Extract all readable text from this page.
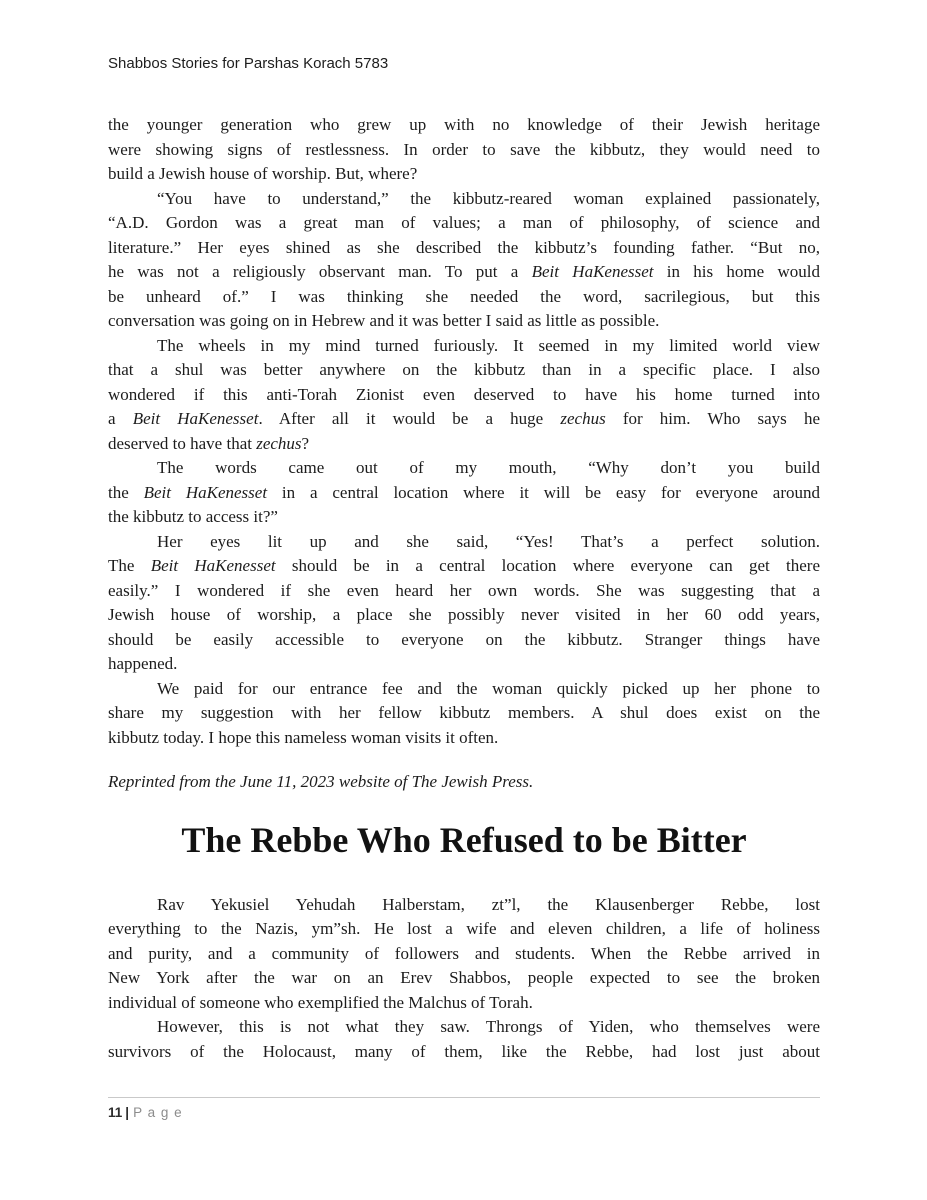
Shabbos Stories for Parshas Korach 5783
the younger generation who grew up with no knowledge of their Jewish heritage
were showing signs of restlessness. In order to save the kibbutz, they would need to
build a Jewish house of worship. But, where?
“You have to understand,” the kibbutz-reared woman explained passionately,
“A.D. Gordon was a great man of values; a man of philosophy, of science and
literature.” Her eyes shined as she described the kibbutz’s founding father. “But no,
he was not a religiously observant man. To put a Beit HaKenesset in his home would
be unheard of.” I was thinking she needed the word, sacrilegious, but this
conversation was going on in Hebrew and it was better I said as little as possible.
The wheels in my mind turned furiously. It seemed in my limited world view
that a shul was better anywhere on the kibbutz than in a specific place. I also
wondered if this anti-Torah Zionist even deserved to have his home turned into
a Beit HaKenesset. After all it would be a huge zechus for him. Who says he
deserved to have that zechus?
The words came out of my mouth, “Why don’t you build
the Beit HaKenesset in a central location where it will be easy for everyone around
the kibbutz to access it?”
Her eyes lit up and she said, “Yes! That’s a perfect solution.
The Beit HaKenesset should be in a central location where everyone can get there
easily.” I wondered if she even heard her own words. She was suggesting that a
Jewish house of worship, a place she possibly never visited in her 60 odd years,
should be easily accessible to everyone on the kibbutz. Stranger things have
happened.
We paid for our entrance fee and the woman quickly picked up her phone to
share my suggestion with her fellow kibbutz members. A shul does exist on the
kibbutz today. I hope this nameless woman visits it often.
Reprinted from the June 11, 2023 website of The Jewish Press.
The Rebbe Who Refused to be Bitter
Rav Yekusiel Yehudah Halberstam, zt”l, the Klausenberger Rebbe, lost
everything to the Nazis, ym”sh. He lost a wife and eleven children, a life of holiness
and purity, and a community of followers and students. When the Rebbe arrived in
New York after the war on an Erev Shabbos, people expected to see the broken
individual of someone who exemplified the Malchus of Torah.
However, this is not what they saw. Throngs of Yiden, who themselves were
survivors of the Holocaust, many of them, like the Rebbe, had lost just about
11 | P a g e
